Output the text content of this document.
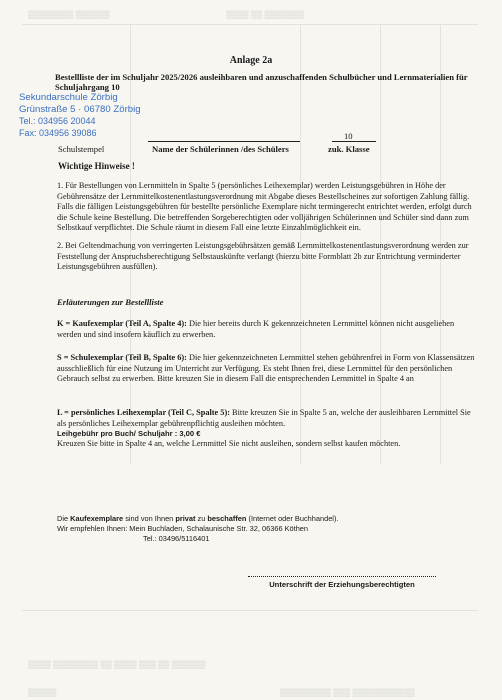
▒▒▒▒▒▒▒▒ ▒▒▒▒▒▒	▒▒▒▒ ▒▒ ▒▒▒▒▒▒▒
▒▒▒▒ ▒▒▒▒▒▒▒▒ ▒▒ ▒▒▒▒ ▒▒▒ ▒▒ ▒▒▒▒▒▒
▒▒▒▒▒	▒▒▒▒▒▒▒▒▒ ▒▒▒ ▒▒▒▒▒▒▒▒▒▒▒
Anlage 2a
Bestellliste der im Schuljahr 2025/2026 ausleihbaren und anzuschaffenden Schulbücher und Lernmaterialien für Schuljahrgang 10
Sekundarschule Zörbig
Grünstraße 5 · 06780 Zörbig
Tel.: 034956 20044
Fax: 034956 39086	10
Schulstempel	Name der Schülerinnen /des Schülers	zuk. Klasse
Wichtige Hinweise !
1. Für Bestellungen von Lernmitteln in Spalte 5 (persönliches Leihexemplar) werden Leistungsgebühren in Höhe der Gebührensätze der Lernmittelkostenentlastungsverordnung mit Abgabe dieses Bestellscheines zur sofortigen Zahlung fällig. Falls die fälligen Leistungsgebühren für bestellte persönliche Exemplare nicht termingerecht entrichtet werden, erfolgt durch die Schule keine Bestellung. Die betreffenden Sorgeberechtigten oder volljährigen Schülerinnen und Schüler sind dann zum Selbstkauf verpflichtet. Die Schule räumt in diesem Fall eine letzte Einzahlmöglichkeit ein.
2. Bei Geltendmachung von verringerten Leistungsgebührsätzen gemäß Lernmittelkostenentlastungsverordnung werden zur Feststellung der Anspruchsberechtigung Selbstauskünfte verlangt (hierzu bitte Formblatt 2b zur Entrichtung verminderter Leistungsgebühren ausfüllen).
Erläuterungen zur Bestellliste
K = Kaufexemplar (Teil A, Spalte 4): Die hier bereits durch K gekennzeichneten Lernmittel können nicht ausgeliehen werden und sind insofern käuflich zu erwerben.
S = Schulexemplar (Teil B, Spalte 6): Die hier gekennzeichneten Lernmittel stehen gebührenfrei in Form von Klassensätzen ausschließlich für eine Nutzung im Unterricht zur Verfügung. Es steht Ihnen frei, diese Lernmittel für den persönlichen Gebrauch selbst zu erwerben. Bitte kreuzen Sie in diesem Fall die entsprechenden Lernmittel in Spalte 4 an
L = persönliches Leihexemplar (Teil C, Spalte 5): Bitte kreuzen Sie in Spalte 5 an, welche der ausleihbaren Lernmittel Sie als persönliches Leihexemplar gebührenpflichtig ausleihen möchten.
Leihgebühr pro Buch/ Schuljahr : 3,00 €
Kreuzen Sie bitte in Spalte 4 an, welche Lernmittel Sie nicht ausleihen, sondern selbst kaufen möchten.
Die Kaufexemplare sind von Ihnen privat zu beschaffen (Internet oder Buchhandel).
Wir empfehlen Ihnen: Mein Buchladen, Schalaunische Str. 32, 06366 Köthen
Tel.: 03496/5116401
Unterschrift der Erziehungsberechtigten
